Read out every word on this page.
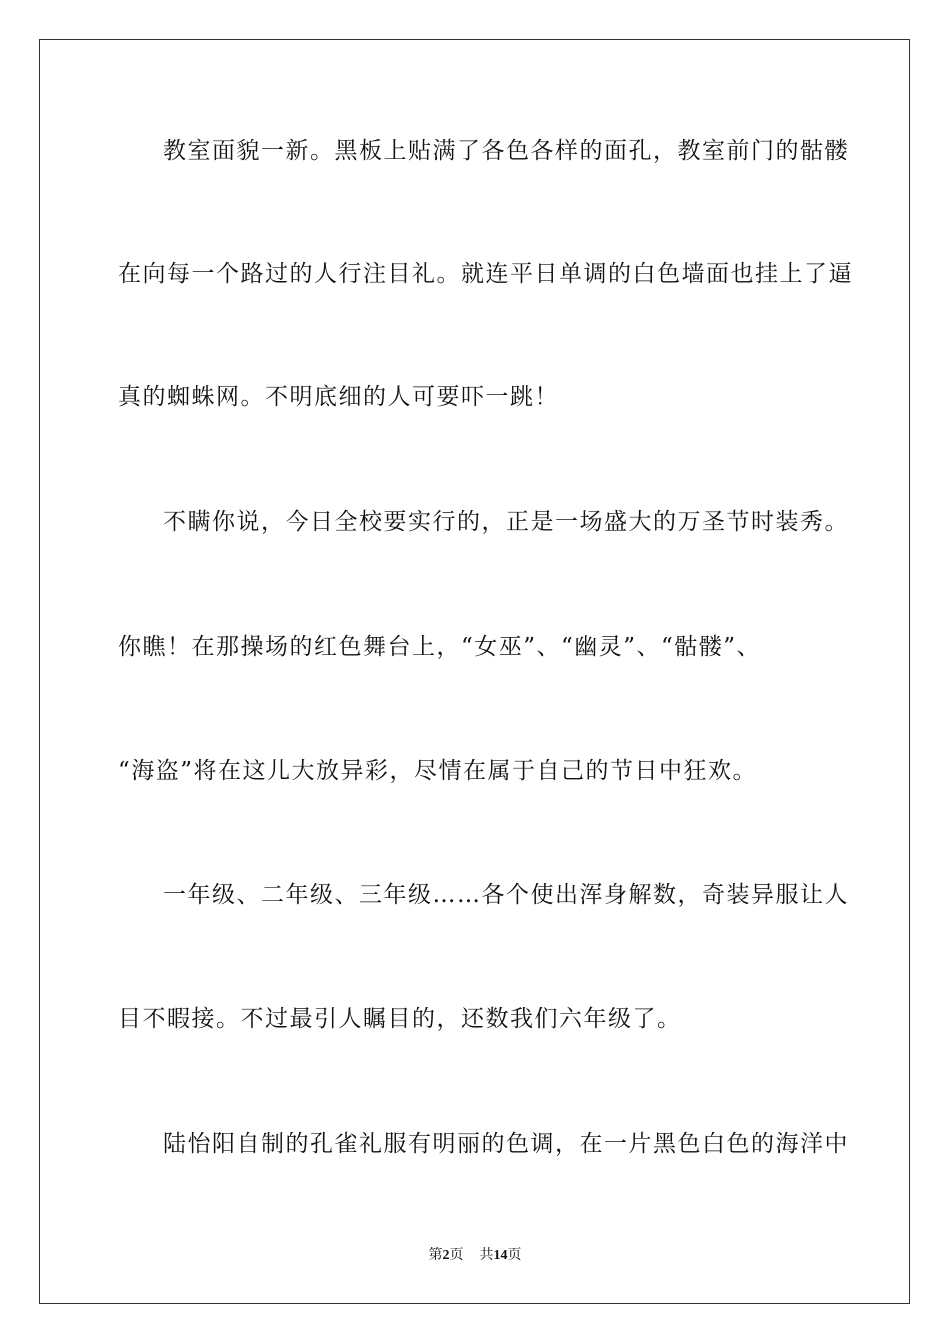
教室面貌一新。黑板上贴满了各色各样的面孔，教室前门的骷髅
在向每一个路过的人行注目礼。就连平日单调的白色墙面也挂上了逼
真的蜘蛛网。不明底细的人可要吓一跳！
不瞒你说，今日全校要实行的，正是一场盛大的万圣节时装秀。
你瞧！在那操场的红色舞台上，“女巫”、“幽灵”、“骷髅”、
“海盗”将在这儿大放异彩，尽情在属于自己的节日中狂欢。
一年级、二年级、三年级……各个使出浑身解数，奇装异服让人
目不暇接。不过最引人瞩目的，还数我们六年级了。
陆怡阳自制的孔雀礼服有明丽的色调，在一片黑色白色的海洋中
第2页 共14页
